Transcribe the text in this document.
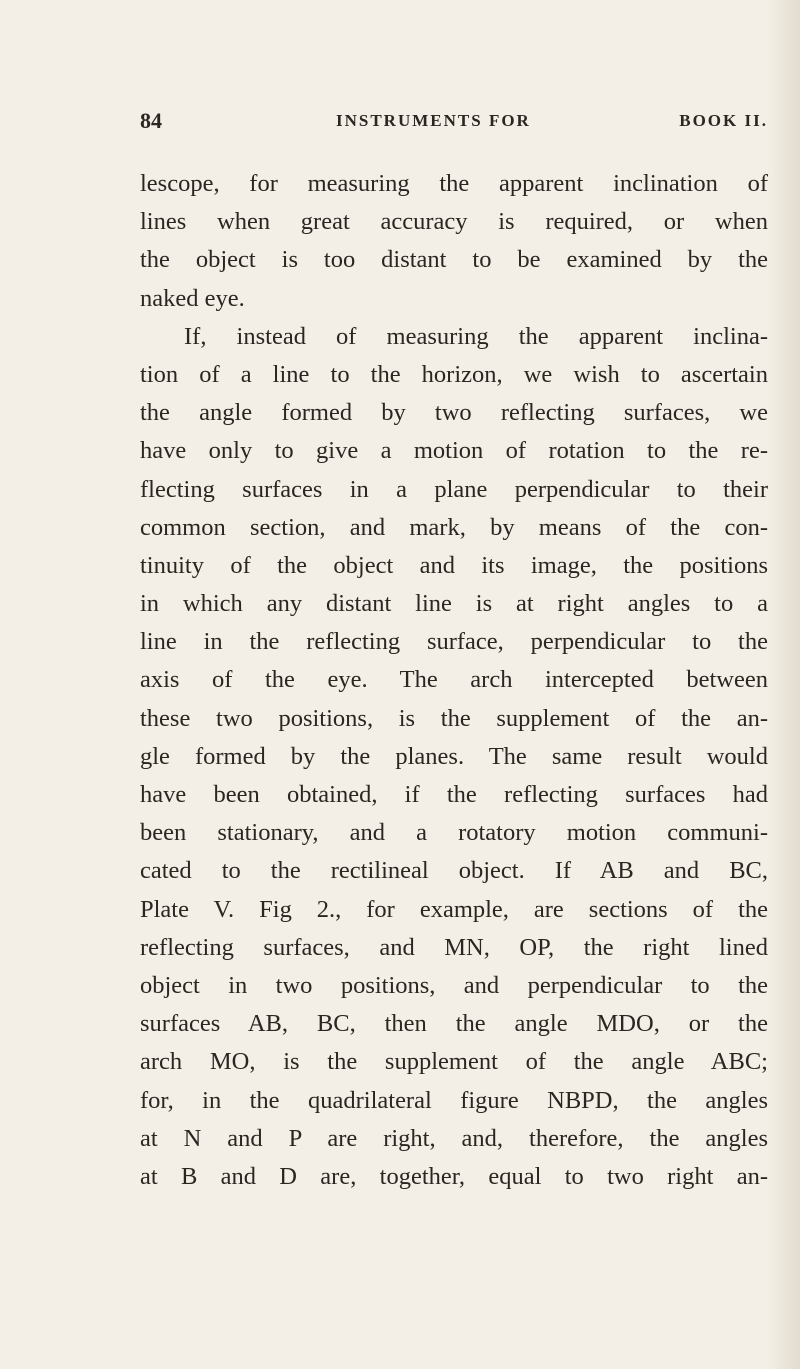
84	INSTRUMENTS FOR	BOOK II.
lescope, for measuring the apparent inclination of
lines when great accuracy is required, or when
the object is too distant to be examined by the
naked eye.
If, instead of measuring the apparent inclina-
tion of a line to the horizon, we wish to ascertain
the angle formed by two reflecting surfaces, we
have only to give a motion of rotation to the re-
flecting surfaces in a plane perpendicular to their
common section, and mark, by means of the con-
tinuity of the object and its image, the positions
in which any distant line is at right angles to a
line in the reflecting surface, perpendicular to the
axis of the eye. The arch intercepted between
these two positions, is the supplement of the an-
gle formed by the planes. The same result would
have been obtained, if the reflecting surfaces had
been stationary, and a rotatory motion communi-
cated to the rectilineal object. If AB and BC,
Plate V. Fig 2., for example, are sections of the
reflecting surfaces, and MN, OP, the right lined
object in two positions, and perpendicular to the
surfaces AB, BC, then the angle MDO, or the
arch MO, is the supplement of the angle ABC;
for, in the quadrilateral figure NBPD, the angles
at N and P are right, and, therefore, the angles
at B and D are, together, equal to two right an-
